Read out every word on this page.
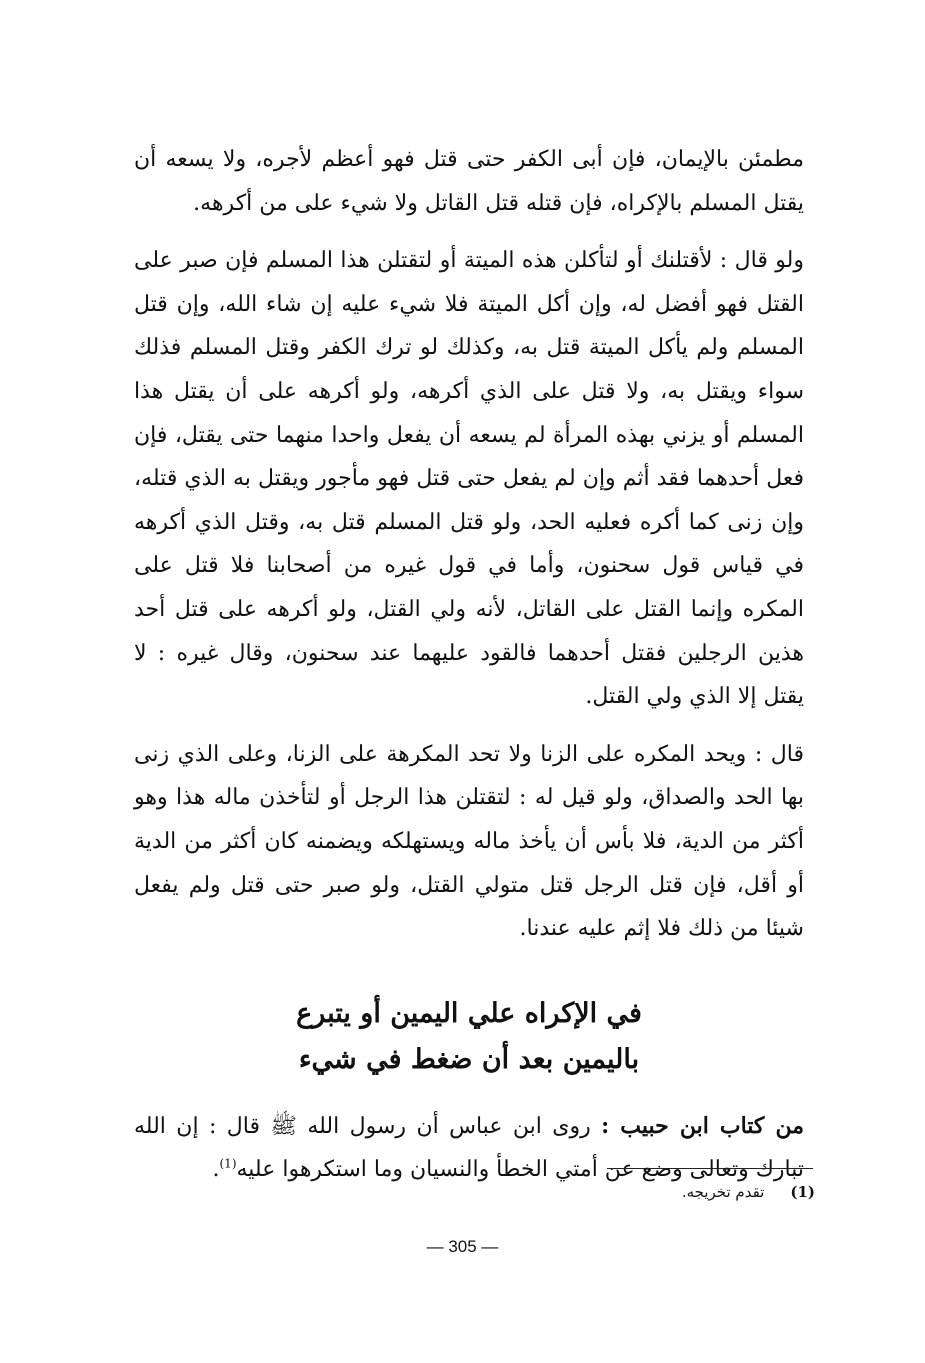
مطمئن بالإيمان، فإن أبى الكفر حتى قتل فهو أعظم لأجره، ولا يسعه أن يقتل المسلم بالإكراه، فإن قتله قتل القاتل ولا شيء على من أكرهه.

ولو قال : لأقتلنك أو لتأكلن هذه الميتة أو لتقتلن هذا المسلم فإن صبر على القتل فهو أفضل له، وإن أكل الميتة فلا شيء عليه إن شاء الله، وإن قتل المسلم ولم يأكل الميتة قتل به، وكذلك لو ترك الكفر وقتل المسلم فذلك سواء ويقتل به، ولا قتل على الذي أكرهه، ولو أكرهه على أن يقتل هذا المسلم أو يزني بهذه المرأة لم يسعه أن يفعل واحدا منهما حتى يقتل، فإن فعل أحدهما فقد أثم وإن لم يفعل حتى قتل فهو مأجور ويقتل به الذي قتله، وإن زنى كما أكره فعليه الحد، ولو قتل المسلم قتل به، وقتل الذي أكرهه في قياس قول سحنون، وأما في قول غيره من أصحابنا فلا قتل على المكره وإنما القتل على القاتل، لأنه ولي القتل، ولو أكرهه على قتل أحد هذين الرجلين فقتل أحدهما فالقود عليهما عند سحنون، وقال غيره : لا يقتل إلا الذي ولي القتل.

قال : ويحد المكره على الزنا ولا تحد المكرهة على الزنا، وعلى الذي زنى بها الحد والصداق، ولو قيل له : لتقتلن هذا الرجل أو لتأخذن ماله هذا وهو أكثر من الدية، فلا بأس أن يأخذ ماله ويستهلكه ويضمنه كان أكثر من الدية أو أقل، فإن قتل الرجل قتل متولي القتل، ولو صبر حتى قتل ولم يفعل شيئا من ذلك فلا إثم عليه عندنا.

في الإكراه علي اليمين أو يتبرع
باليمين بعد أن ضغط في شيء

من كتاب ابن حبيب : روى ابن عباس أن رسول الله ﷺ قال : إن الله تبارك وتعالى وضع عن أمتي الخطأ والنسيان وما استكرهوا عليه$^{(1)}$.

(1)تقدم تخريجه.
— 305 —
